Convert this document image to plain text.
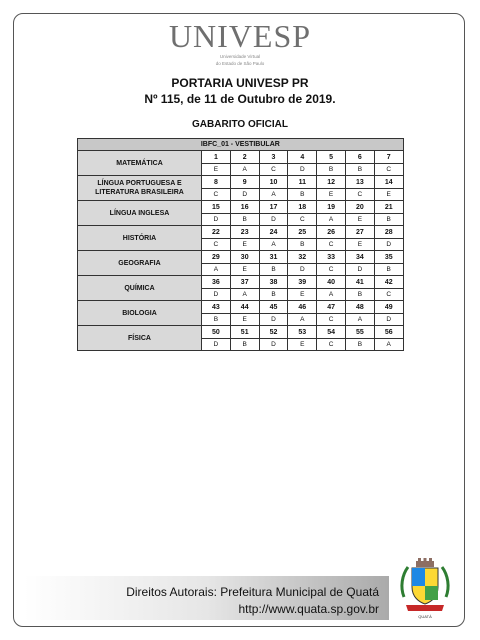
UNIVESP
Universidade Virtual
do Estado de São Paulo
PORTARIA UNIVESP PR
Nº 115, de 11 de Outubro de 2019.
GABARITO OFICIAL
IBFC_01 - VESTIBULAR							

MATEMÁTICA	1	2	3	4	5	6	7
	E	A	C	D	B	B	C

LÍNGUA PORTUGUESA E
LITERATURA BRASILEIRA	8	9	10	11	12	13	14
	C	D	A	B	E	C	E

LÍNGUA INGLESA	15	16	17	18	19	20	21
	D	B	D	C	A	E	B

HISTÓRIA	22	23	24	25	26	27	28
	C	E	A	B	C	E	D

GEOGRAFIA	29	30	31	32	33	34	35
	A	E	B	D	C	D	B

QUÍMICA	36	37	38	39	40	41	42
	D	A	B	E	A	B	C

BIOLOGIA	43	44	45	46	47	48	49
	B	E	D	A	C	A	D

FÍSICA	50	51	52	53	54	55	56
	D	B	D	E	C	B	A
Direitos Autorais: Prefeitura Municipal de Quatá
http://www.quata.sp.gov.br
QUATÁ
